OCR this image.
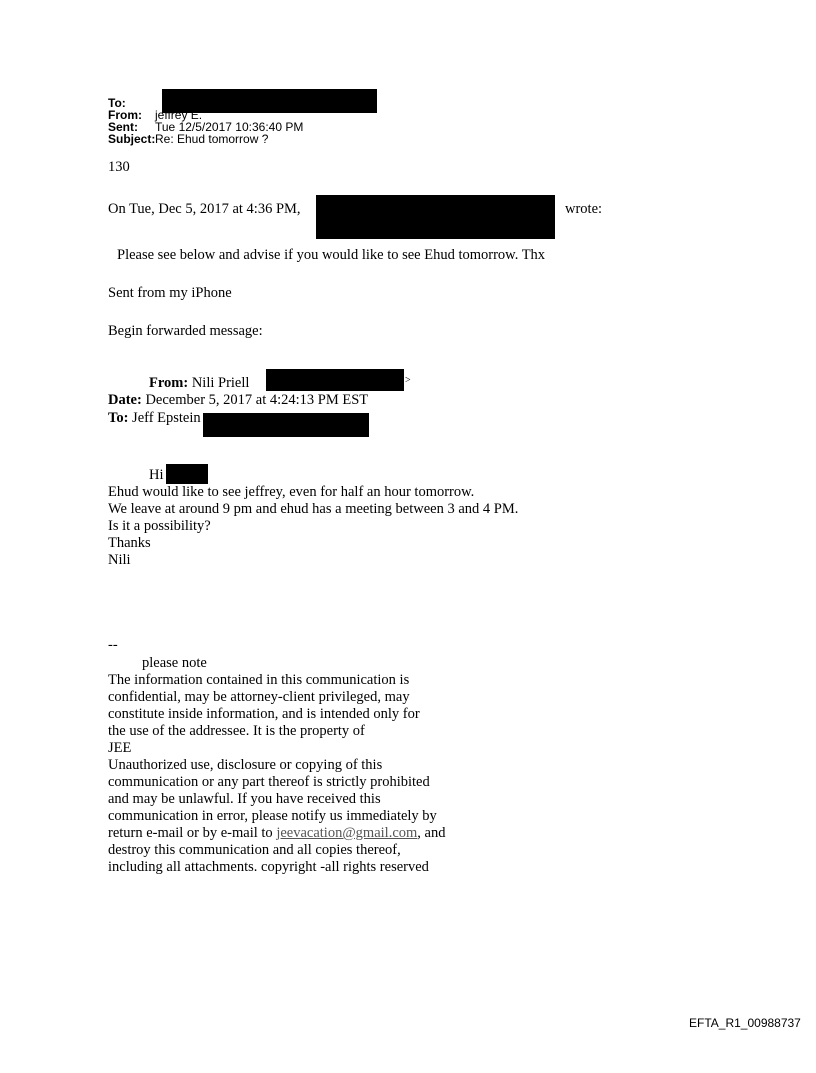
To:
From: jeffrey E.
Sent: Tue 12/5/2017 10:36:40 PM
Subject:Re: Ehud tomorrow ?
130
On Tue, Dec 5, 2017 at 4:36 PM,	wrote:
Please see below and advise if you would like to see Ehud tomorrow. Thx
Sent from my iPhone
Begin forwarded message:
From: Nili Priell	>
Date: December 5, 2017 at 4:24:13 PM EST
To: Jeff Epstein
Hi
Ehud would like to see jeffrey, even for half an hour tomorrow.
We leave at around 9 pm and ehud has a meeting between 3 and 4 PM.
Is it a possibility?
Thanks
Nili
--
please note
The information contained in this communication is
confidential, may be attorney-client privileged, may
constitute inside information, and is intended only for
the use of the addressee. It is the property of
JEE
Unauthorized use, disclosure or copying of this
communication or any part thereof is strictly prohibited
and may be unlawful. If you have received this
communication in error, please notify us immediately by
return e-mail or by e-mail to jeevacation@gmail.com, and
destroy this communication and all copies thereof,
including all attachments. copyright -all rights reserved
EFTA_R1_00988737
